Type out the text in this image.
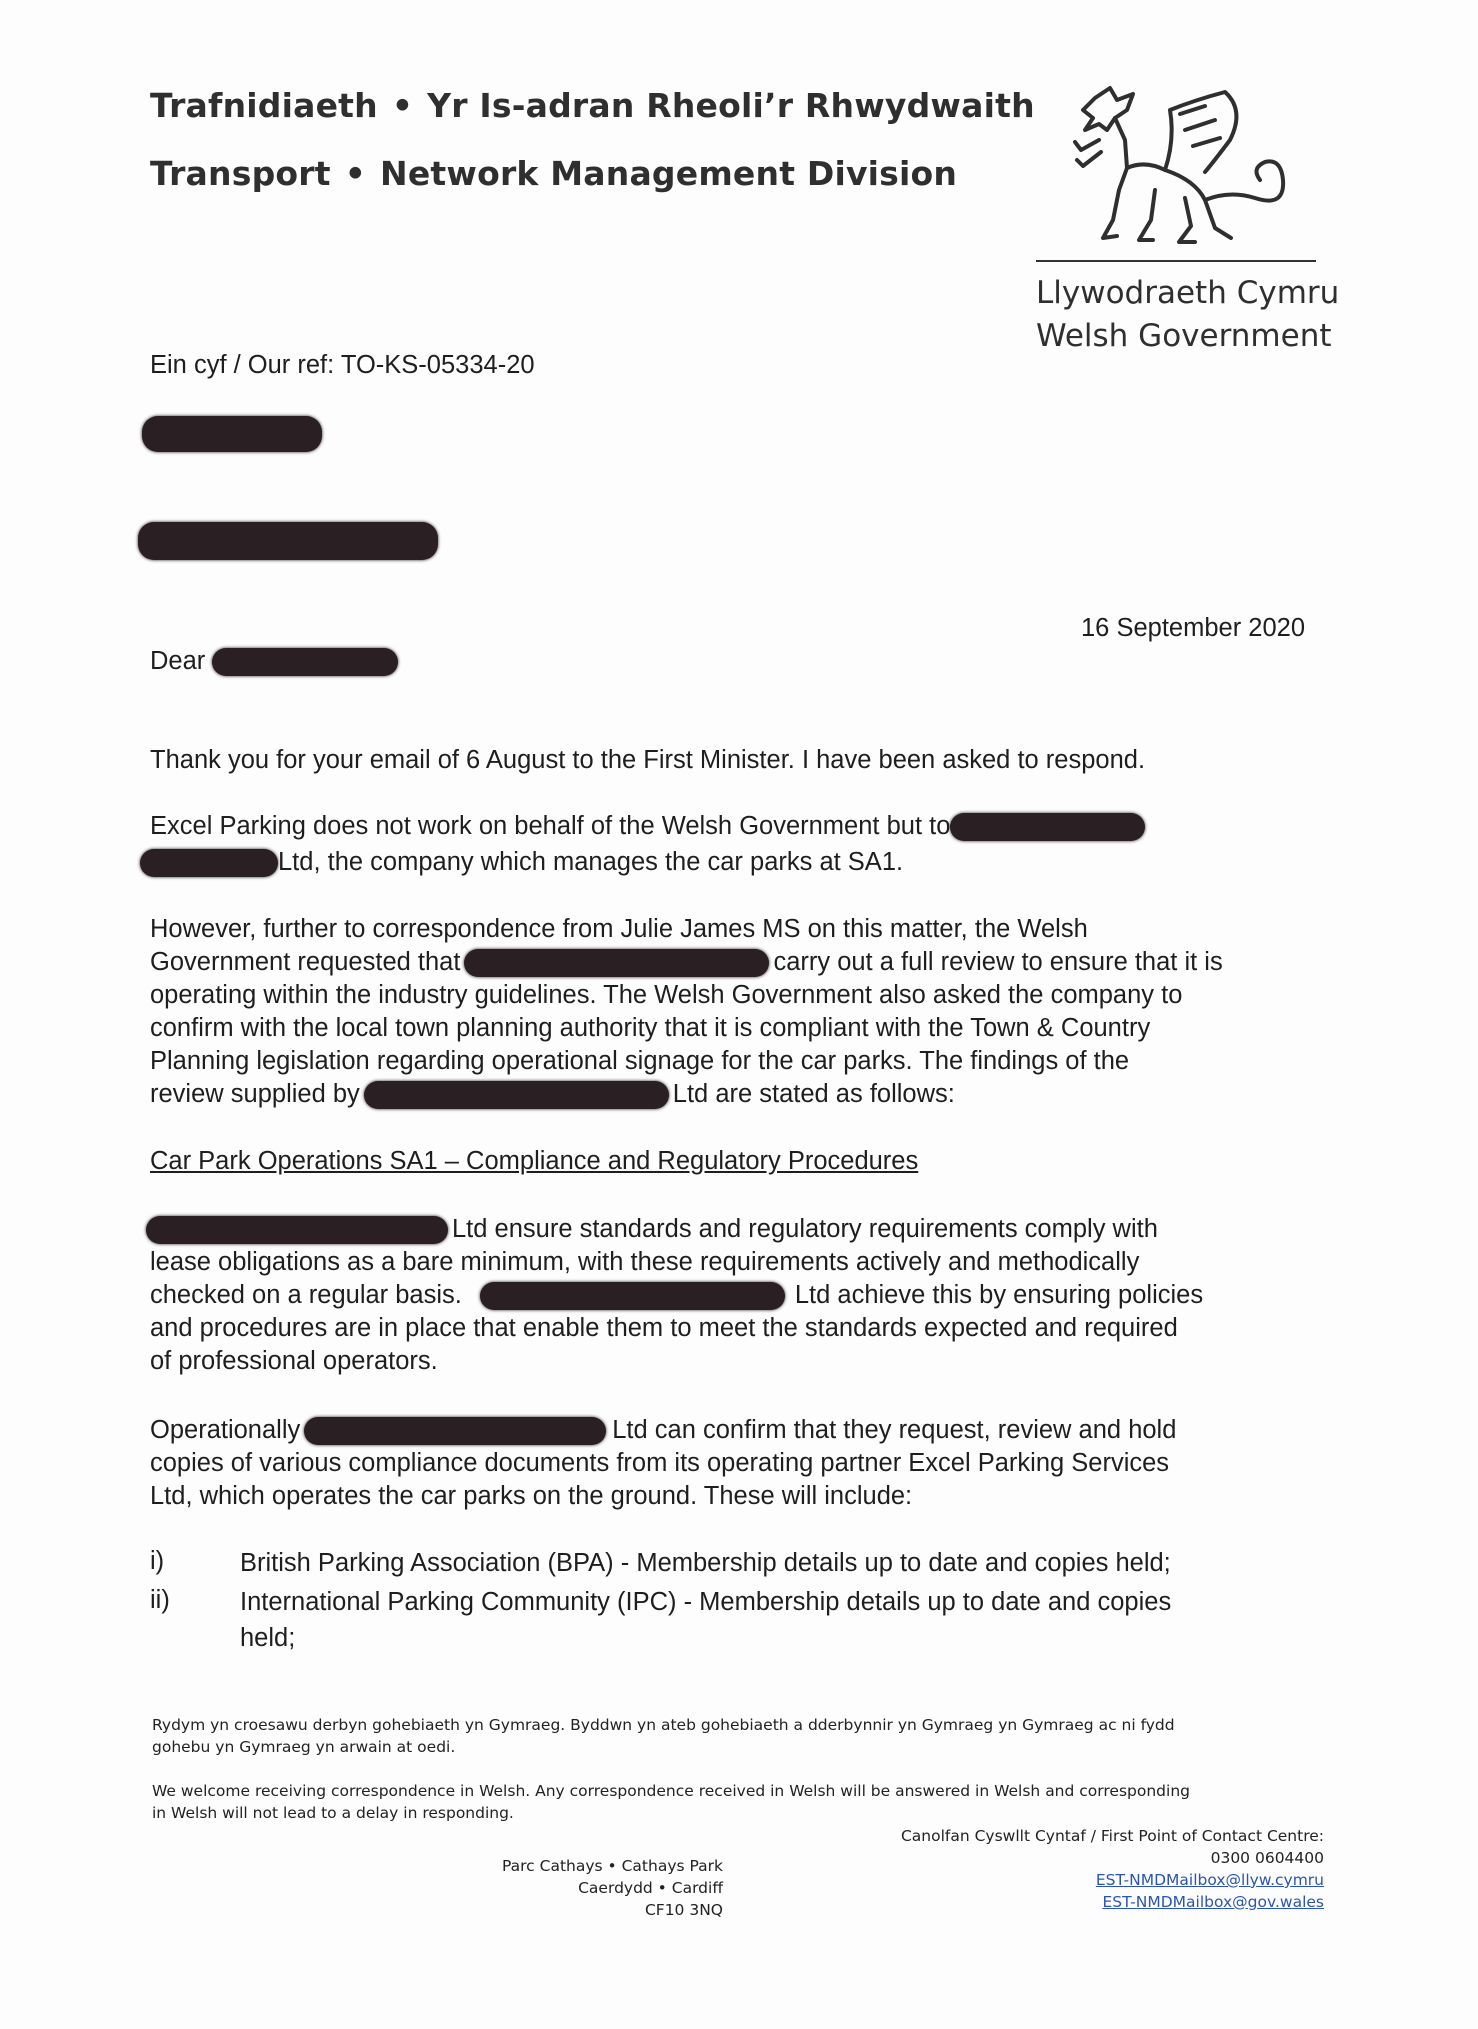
Trafnidiaeth • Yr Is-adran Rheoli’r Rhwydwaith
Transport • Network Management Division
Llywodraeth Cymru
Welsh Government
Ein cyf / Our ref: TO-KS-05334-20
16 September 2020
Dear
Thank you for your email of 6 August to the First Minister. I have been asked to respond.
Excel Parking does not work on behalf of the Welsh Government but to
Ltd, the company which manages the car parks at SA1.
However, further to correspondence from Julie James MS on this matter, the Welsh
Government requested that	carry out a full review to ensure that it is
operating within the industry guidelines. The Welsh Government also asked the company to
confirm with the local town planning authority that it is compliant with the Town & Country
Planning legislation regarding operational signage for the car parks. The findings of the
review supplied by	Ltd are stated as follows:
Car Park Operations SA1 – Compliance and Regulatory Procedures
Ltd ensure standards and regulatory requirements comply with
lease obligations as a bare minimum, with these requirements actively and methodically
checked on a regular basis.	Ltd achieve this by ensuring policies
and procedures are in place that enable them to meet the standards expected and required
of professional operators.
Operationally	Ltd can confirm that they request, review and hold
copies of various compliance documents from its operating partner Excel Parking Services
Ltd, which operates the car parks on the ground. These will include:
i)	British Parking Association (BPA) - Membership details up to date and copies held;
ii)	International Parking Community (IPC) - Membership details up to date and copies
held;
Rydym yn croesawu derbyn gohebiaeth yn Gymraeg. Byddwn yn ateb gohebiaeth a dderbynnir yn Gymraeg yn Gymraeg ac ni fydd
gohebu yn Gymraeg yn arwain at oedi.
We welcome receiving correspondence in Welsh. Any correspondence received in Welsh will be answered in Welsh and corresponding
in Welsh will not lead to a delay in responding.
Parc Cathays • Cathays Park
Caerdydd • Cardiff
CF10 3NQ
Canolfan Cyswllt Cyntaf / First Point of Contact Centre:
0300 0604400
EST-NMDMailbox@llyw.cymru
EST-NMDMailbox@gov.wales
